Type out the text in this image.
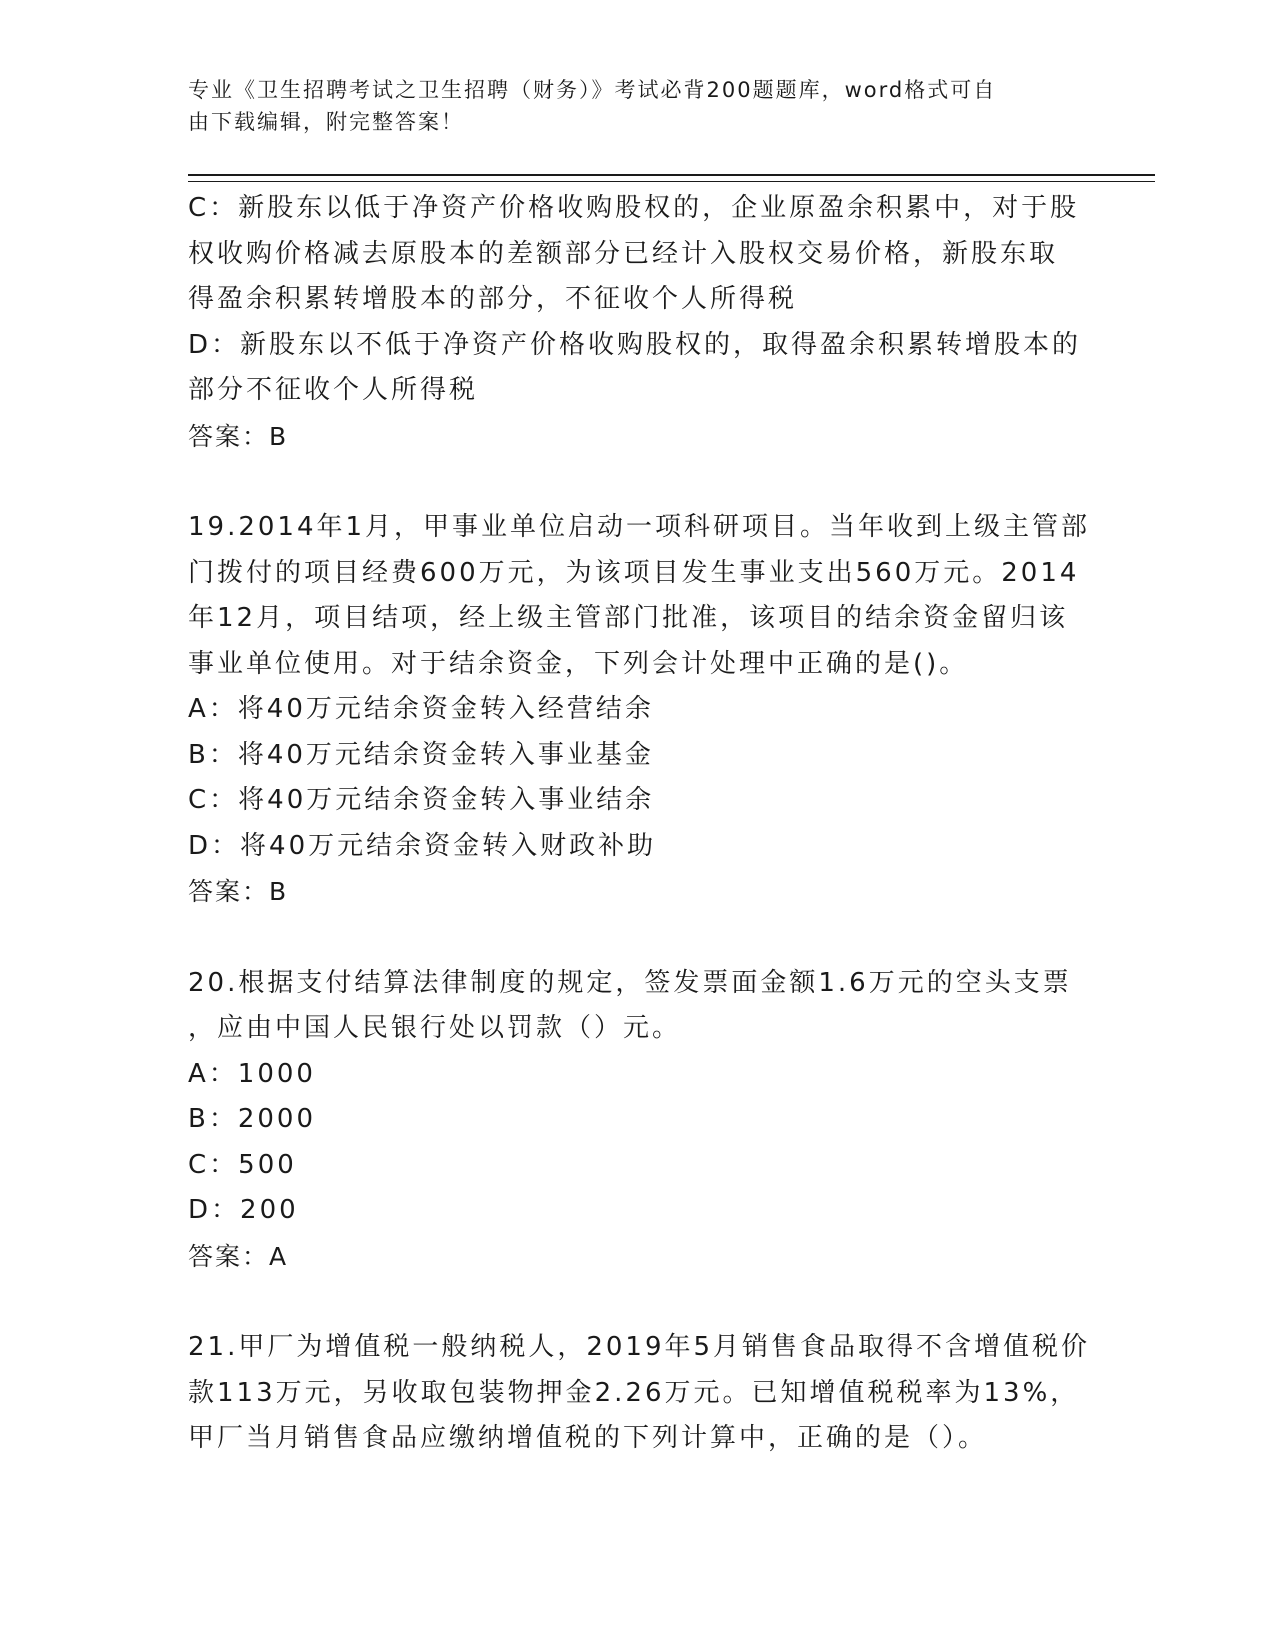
专业《卫生招聘考试之卫生招聘（财务）》考试必背200题题库，word格式可自
由下载编辑，附完整答案！
C：新股东以低于净资产价格收购股权的，企业原盈余积累中，对于股
权收购价格减去原股本的差额部分已经计入股权交易价格，新股东取
得盈余积累转增股本的部分，不征收个人所得税
D：新股东以不低于净资产价格收购股权的，取得盈余积累转增股本的
部分不征收个人所得税
答案：B
19.2014年1月，甲事业单位启动一项科研项目。当年收到上级主管部
门拨付的项目经费600万元，为该项目发生事业支出560万元。2014
年12月，项目结项，经上级主管部门批准，该项目的结余资金留归该
事业单位使用。对于结余资金，下列会计处理中正确的是()。
A：将40万元结余资金转入经营结余
B：将40万元结余资金转入事业基金
C：将40万元结余资金转入事业结余
D：将40万元结余资金转入财政补助
答案：B
20.根据支付结算法律制度的规定，签发票面金额1.6万元的空头支票
，应由中国人民银行处以罚款（）元。
A：1000
B：2000
C：500
D：200
答案：A
21.甲厂为增值税一般纳税人，2019年5月销售食品取得不含增值税价
款113万元，另收取包装物押金2.26万元。已知增值税税率为13%，
甲厂当月销售食品应缴纳增值税的下列计算中，正确的是（）。
